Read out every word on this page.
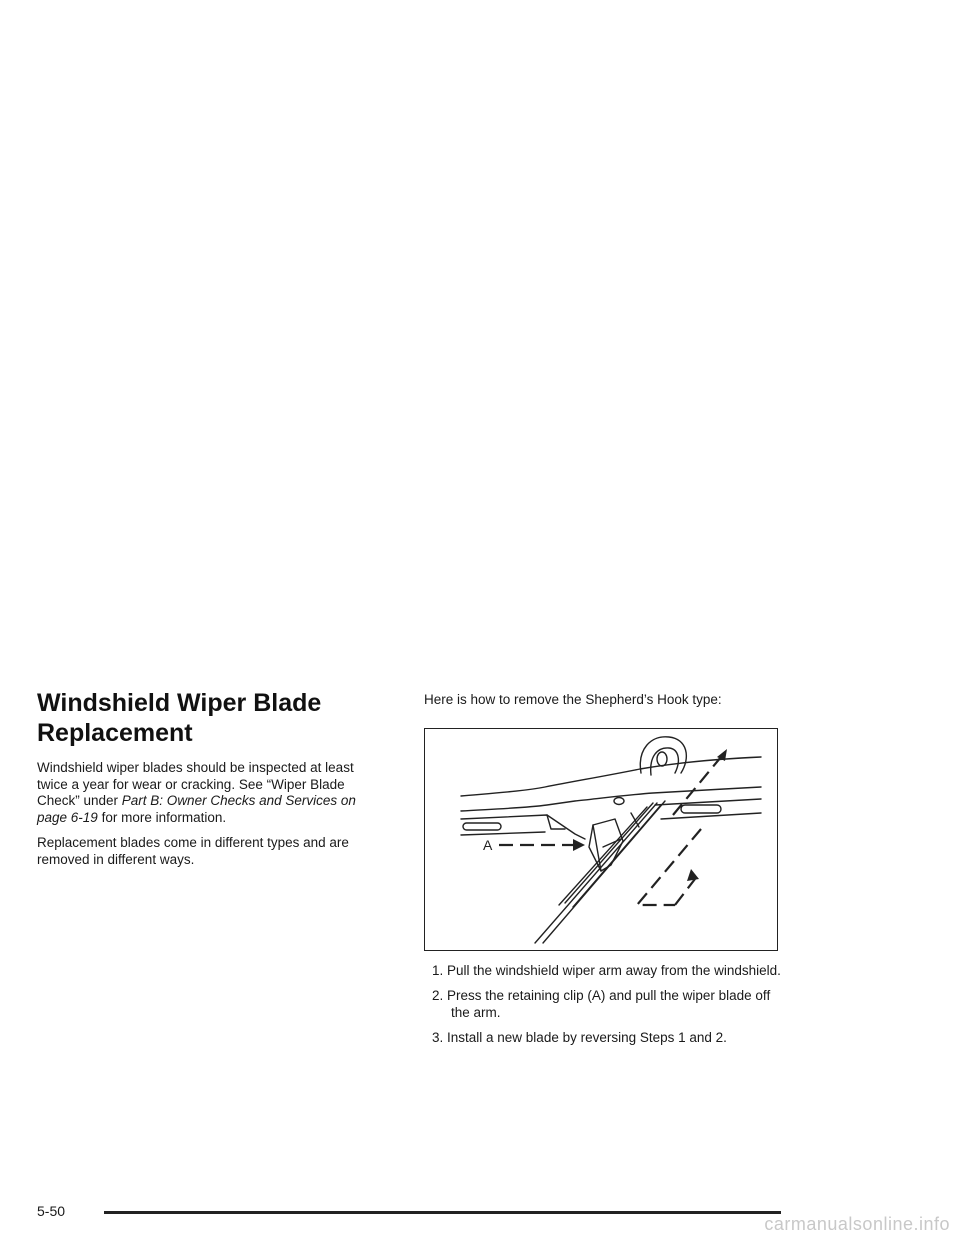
Windshield Wiper Blade Replacement

Windshield wiper blades should be inspected at least twice a year for wear or cracking. See “Wiper Blade Check” under Part B: Owner Checks and Services on page 6-19 for more information.

Replacement blades come in different types and are removed in different ways.

Here is how to remove the Shepherd’s Hook type:

A
1. Pull the windshield wiper arm away from the windshield.
2. Press the retaining clip (A) and pull the wiper blade off the arm.
3. Install a new blade by reversing Steps 1 and 2.
5-50
carmanualsonline.info
